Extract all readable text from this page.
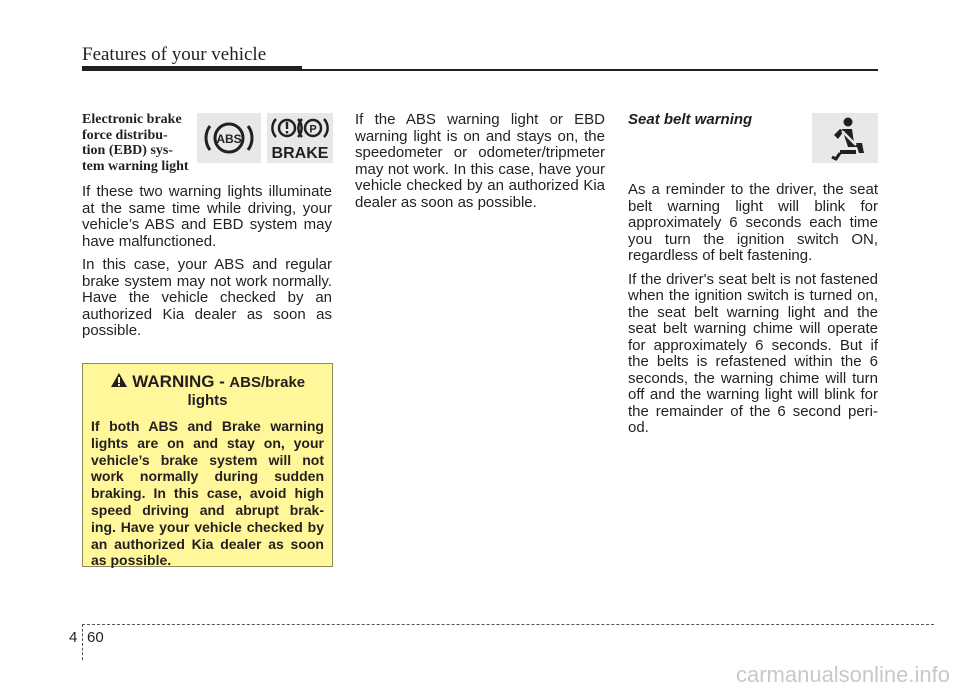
Features of your vehicle
ABS
P
BRAKE
Electronic brake force distribu- tion (EBD) sys- tem warning light

If these two warning lights illuminate at the same time while driving, your vehicle’s ABS and EBD system may have malfunctioned.

In this case, your ABS and regular brake system may not work normally. Have the vehicle checked by an authorized Kia dealer as soon as possible.

WARNING - ABS/brake
lights

If both ABS and Brake warning lights are on and stay on, your vehicle’s brake system will not work normally during sudden braking. In this case, avoid high speed driving and abrupt brak- ing. Have your vehicle checked by an authorized Kia dealer as soon as possible.

If the ABS warning light or EBD warning light is on and stays on, the speedometer or odometer/tripmeter may not work. In this case, have your vehicle checked by an authorized Kia dealer as soon as possible.

Seat belt warning

As a reminder to the driver, the seat belt warning light will blink for approximately 6 seconds each time you turn the ignition switch ON, regardless of belt fastening.

If the driver's seat belt is not fastened when the ignition switch is turned on, the seat belt warning light and the seat belt warning chime will operate for approximately 6 seconds. But if the belts is refastened within the 6 seconds, the warning chime will turn off and the warning light will blink for the remainder of the 6 second peri- od.

4 60
carmanualsonline.info
